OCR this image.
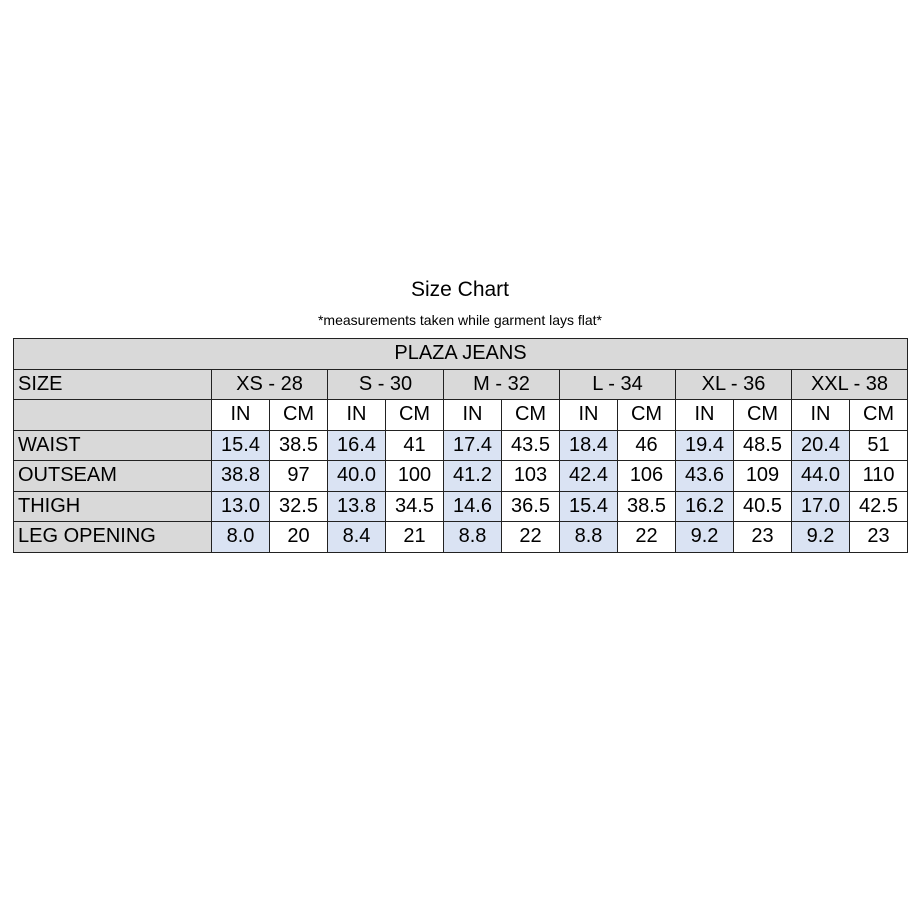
Size Chart
*measurements taken while garment lays flat*
PLAZA JEANS												
SIZE	XS - 28		S - 30		M - 32		L - 34		XL - 36		XXL - 38	
	IN	CM	IN	CM	IN	CM	IN	CM	IN	CM	IN	CM
WAIST	15.4	38.5	16.4	41	17.4	43.5	18.4	46	19.4	48.5	20.4	51
OUTSEAM	38.8	97	40.0	100	41.2	103	42.4	106	43.6	109	44.0	110
THIGH	13.0	32.5	13.8	34.5	14.6	36.5	15.4	38.5	16.2	40.5	17.0	42.5
LEG OPENING	8.0	20	8.4	21	8.8	22	8.8	22	9.2	23	9.2	23
